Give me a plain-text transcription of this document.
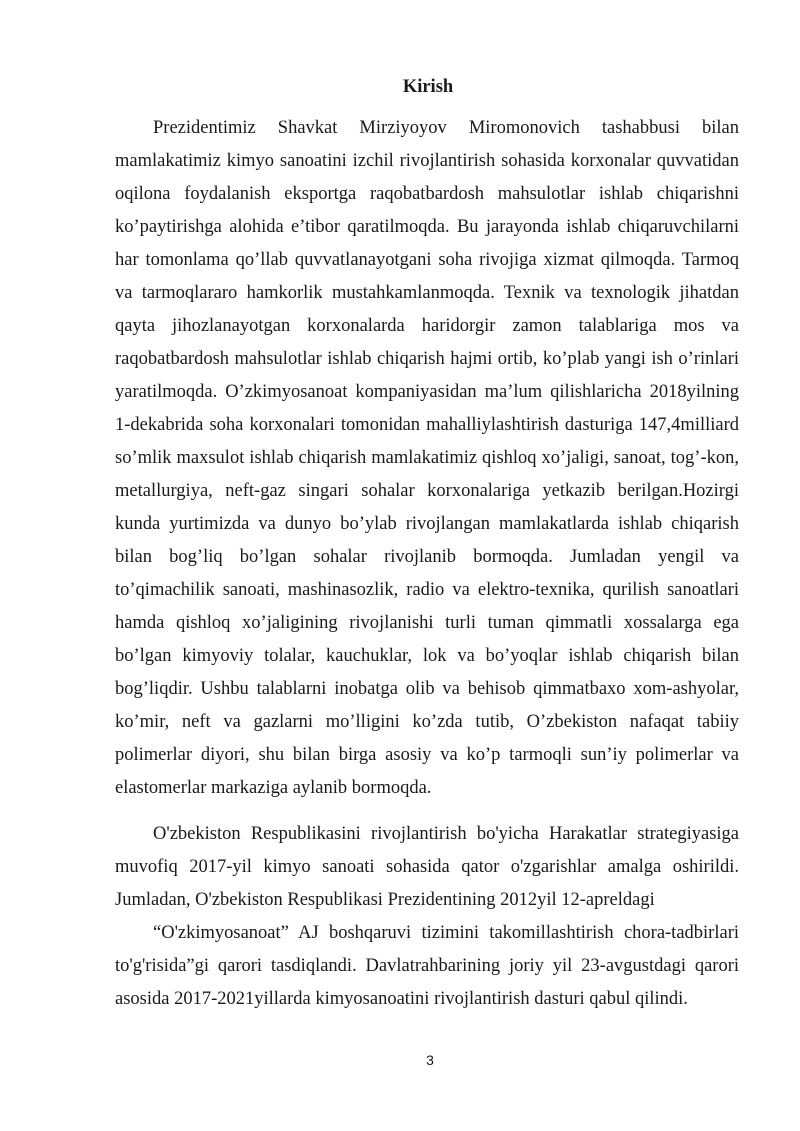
Kirish

Prezidentimiz Shavkat Mirziyoyov Miromonovich tashabbusi bilan mamlakatimiz kimyo sanoatini izchil rivojlantirish sohasida korxonalar quvvatidan oqilona foydalanish eksportga raqobatbardosh mahsulotlar ishlab chiqarishni ko’paytirishga alohida e’tibor qaratilmoqda. Bu jarayonda ishlab chiqaruvchilarni har tomonlama qo’llab quvvatlanayotgani soha rivojiga xizmat qilmoqda. Tarmoq va tarmoqlararo hamkorlik mustahkamlanmoqda. Texnik va texnologik jihatdan qayta jihozlanayotgan korxonalarda haridorgir zamon talablariga mos va raqobatbardosh mahsulotlar ishlab chiqarish hajmi ortib, ko’plab yangi ish o’rinlari yaratilmoqda. O’zkimyosanoat kompaniyasidan ma’lum qilishlaricha 2018yilning 1-dekabrida soha korxonalari tomonidan mahalliylashtirish dasturiga 147,4milliard so’mlik maxsulot ishlab chiqarish mamlakatimiz qishloq xo’jaligi, sanoat, tog’-kon, metallurgiya, neft-gaz singari sohalar korxonalariga yetkazib berilgan.Hozirgi kunda yurtimizda va dunyo bo’ylab rivojlangan mamlakatlarda ishlab chiqarish bilan bog’liq bo’lgan sohalar rivojlanib bormoqda. Jumladan yengil va to’qimachilik sanoati, mashinasozlik, radio va elektro-texnika, qurilish sanoatlari hamda qishloq xo’jaligining rivojlanishi turli tuman qimmatli xossalarga ega bo’lgan kimyoviy tolalar, kauchuklar, lok va bo’yoqlar ishlab chiqarish bilan bog’liqdir. Ushbu talablarni inobatga olib va behisob qimmatbaxo xom-ashyolar, ko’mir, neft va gazlarni mo’lligini ko’zda tutib, O’zbekiston nafaqat tabiiy polimerlar diyori, shu bilan birga asosiy va ko’p tarmoqli sun’iy polimerlar va elastomerlar markaziga aylanib bormoqda.

O'zbekiston Respublikasini rivojlantirish bo'yicha Harakatlar strategiyasiga muvofiq 2017-yil kimyo sanoati sohasida qator o'zgarishlar amalga oshirildi. Jumladan, O'zbekiston Respublikasi Prezidentining 2012yil 12-apreldagi

“O'zkimyosanoat” AJ boshqaruvi tizimini takomillashtirish chora-tadbirlari to'g'risida”gi qarori tasdiqlandi. Davlatrahbarining joriy yil 23-avgustdagi qarori asosida 2017-2021yillarda kimyosanoatini rivojlantirish dasturi qabul qilindi.

3
